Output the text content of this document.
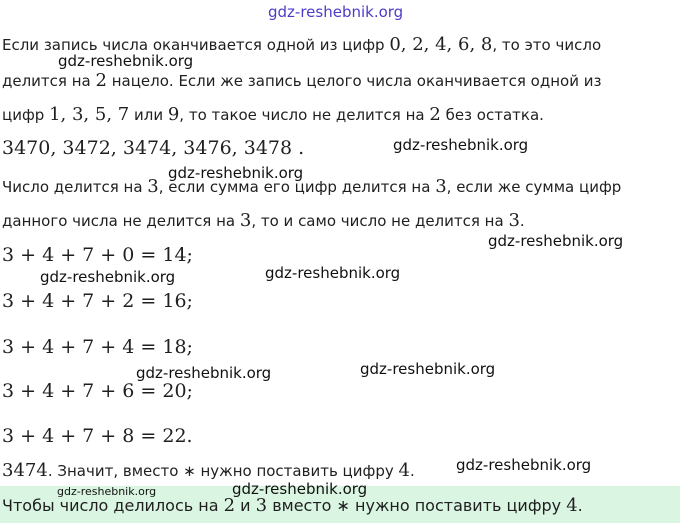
gdz-reshebnik.org
gdz-reshebnik.org
gdz-reshebnik.org
gdz-reshebnik.org
gdz-reshebnik.org
gdz-reshebnik.org	gdz-reshebnik.org
gdz-reshebnik.org	gdz-reshebnik.org
gdz-reshebnik.org
gdz-reshebnik.org
gdz-reshebnik.org
Если запись числа оканчивается одной из цифр 0, 2, 4, 6, 8, то это число
делится на 2 нацело. Если же запись целого числа оканчивается одной из
цифр 1, 3, 5, 7 или 9, то такое число не делится на 2 без остатка.
3470, 3472, 3474, 3476, 3478 .
Число делится на 3, если сумма его цифр делится на 3, если же сумма цифр
данного числа не делится на 3, то и само число не делится на 3.
3 + 4 + 7 + 0 = 14;
3 + 4 + 7 + 2 = 16;
3 + 4 + 7 + 4 = 18;
3 + 4 + 7 + 6 = 20;
3 + 4 + 7 + 8 = 22.
3474. Значит, вместо ∗ нужно поставить цифру 4.
Чтобы число делилось на 2 и 3 вместо ∗ нужно поставить цифру 4.
